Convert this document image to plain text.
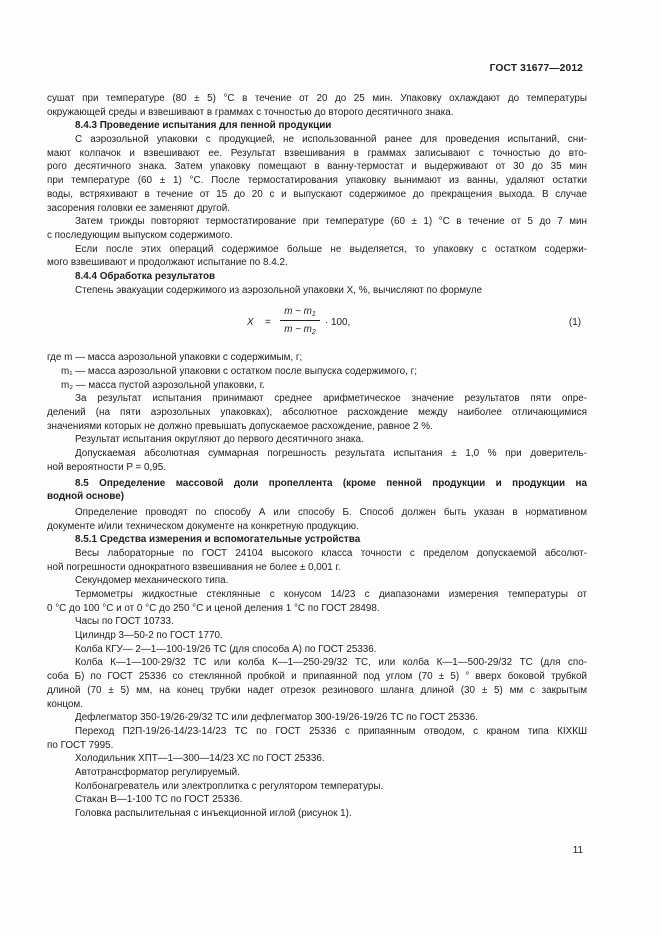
ГОСТ 31677—2012
сушат при температуре (80 ± 5) °C в течение от 20 до 25 мин. Упаковку охлаждают до температуры
окружающей среды и взвешивают в граммах с точностью до второго десятичного знака.
8.4.3 Проведение испытания для пенной продукции
С аэрозольной упаковки с продукцией, не использованной ранее для проведения испытаний, сни-
мают колпачок и взвешивают ее. Результат взвешивания в граммах записывают с точностью до вто-
рого десятичного знака. Затем упаковку помещают в ванну-термостат и выдерживают от 30 до 35 мин
при температуре (60 ± 1) °C. После термостатирования упаковку вынимают из ванны, удаляют остатки
воды, встряхивают в течение от 15 до 20 с и выпускают содержимое до прекращения выхода. В случае
засорения головки ее заменяют другой.
Затем трижды повторяют термостатирование при температуре (60 ± 1) °C в течение от 5 до 7 мин
с последующим выпуском содержимого.
Если после этих операций содержимое больше не выделяется, то упаковку с остатком содержи-
мого взвешивают и продолжают испытание по 8.4.2.
8.4.4 Обработка результатов
Степень эвакуации содержимого из аэрозольной упаковки X, %, вычисляют по формуле
X =
$m - m_1$
$m - m_2$
· 100,	(1)
где m — масса аэрозольной упаковки с содержимым, г;
m₁ — масса аэрозольной упаковки с остатком после выпуска содержимого, г;
m₂ — масса пустой аэрозольной упаковки, г.
За результат испытания принимают среднее арифметическое значение результатов пяти опре-
делений (на пяти аэрозольных упаковках), абсолютное расхождение между наиболее отличающимися
значениями которых не должно превышать допускаемое расхождение, равное 2 %.
Результат испытания округляют до первого десятичного знака.
Допускаемая абсолютная суммарная погрешность результата испытания ± 1,0 % при доверитель-
ной вероятности P = 0,95.
8.5 Определение массовой доли пропеллента (кроме пенной продукции и продукции на
водной основе)
Определение проводят по способу А или способу Б. Способ должен быть указан в нормативном
документе и/или техническом документе на конкретную продукцию.
8.5.1 Средства измерения и вспомогательные устройства
Весы лабораторные по ГОСТ 24104 высокого класса точности с пределом допускаемой абсолют-
ной погрешности однократного взвешивания не более ± 0,001 г.
Секундомер механического типа.
Термометры жидкостные стеклянные с конусом 14/23 с диапазонами измерения температуры от
0 °С до 100 °С и от 0 °С до 250 °С и ценой деления 1 °С по ГОСТ 28498.
Часы по ГОСТ 10733.
Цилиндр 3—50-2 по ГОСТ 1770.
Колба КГУ— 2—1—100-19/26 ТС (для способа А) по ГОСТ 25336.
Колба К—1—100-29/32 ТС или колба К—1—250-29/32 ТС, или колба К—1—500-29/32 ТС (для спо-
соба Б) по ГОСТ 25336 со стеклянной пробкой и припаянной под углом (70 ± 5) ° вверх боковой трубкой
длиной (70 ± 5) мм, на конец трубки надет отрезок резинового шланга длиной (30 ± 5) мм с закрытым
концом.
Дефлегматор 350-19/26-29/32 ТС или дефлегматор 300-19/26-19/26 ТС по ГОСТ 25336.
Переход П2П-19/26-14/23-14/23 ТС по ГОСТ 25336 с припаянным отводом, с краном типа КIХКШ
по ГОСТ 7995.
Холодильник ХПТ—1—300—14/23 ХС по ГОСТ 25336.
Автотрансформатор регулируемый.
Колбонагреватель или электроплитка с регулятором температуры.
Стакан В—1-100 ТС по ГОСТ 25336.
Головка распылительная с инъекционной иглой (рисунок 1).
11
